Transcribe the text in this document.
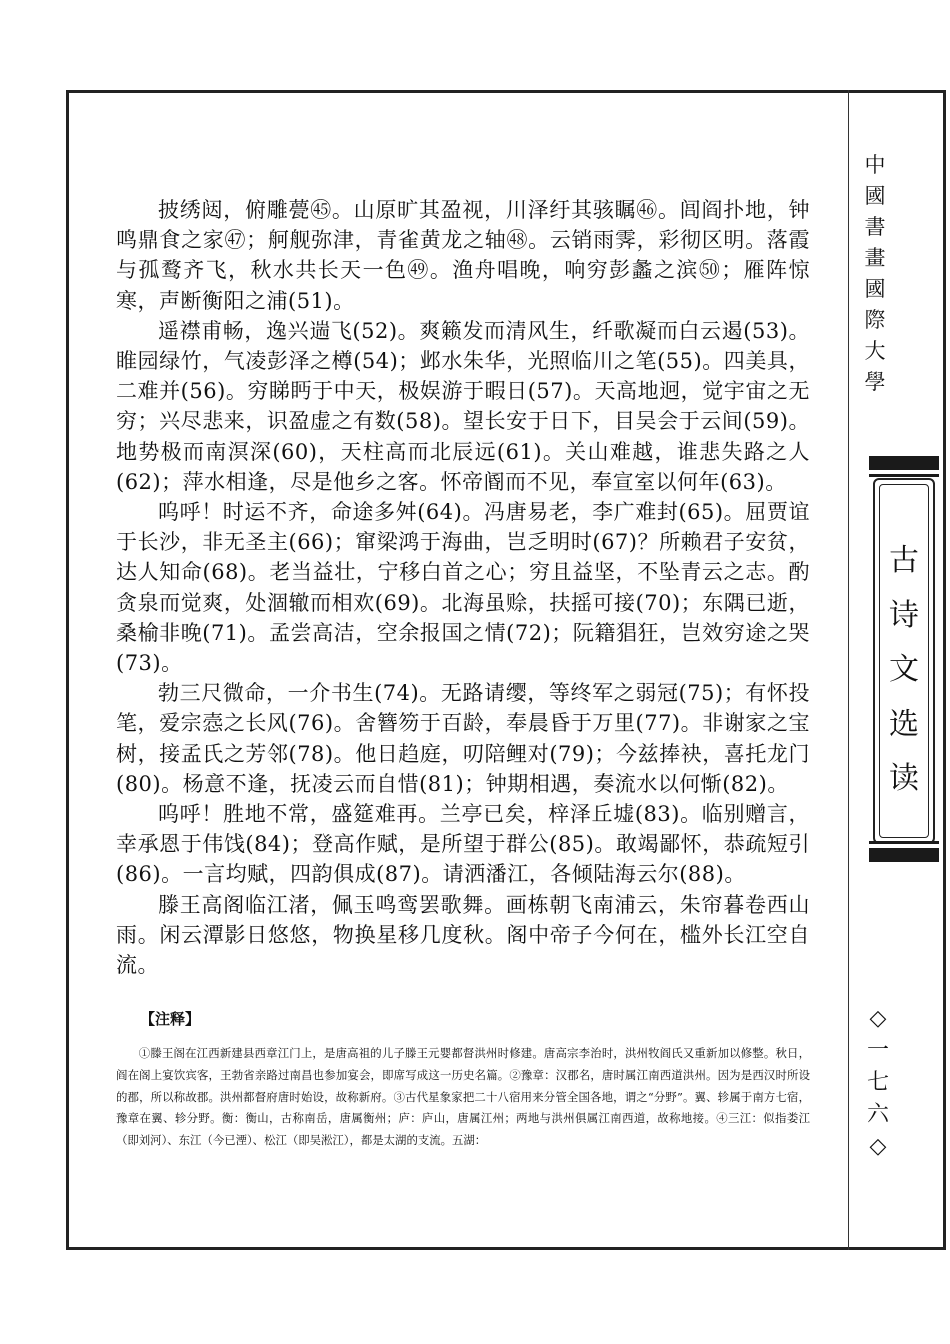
中
國
書
畫
國
際
大
學
古
诗
文
选
读
◇
一
七
六
◇

披绣闼，俯雕甍㊺。山原旷其盈视，川泽纡其骇瞩㊻。闾阎扑地，钟鸣鼎食之家㊼；舸舰弥津，青雀黄龙之轴㊽。云销雨霁，彩彻区明。落霞与孤鹜齐飞，秋水共长天一色㊾。渔舟唱晚，响穷彭蠡之滨㊿；雁阵惊寒，声断衡阳之浦(51)。

遥襟甫畅，逸兴遄飞(52)。爽籁发而清风生，纤歌凝而白云遏(53)。睢园绿竹，气凌彭泽之樽(54)；邺水朱华，光照临川之笔(55)。四美具，二难并(56)。穷睇眄于中天，极娱游于暇日(57)。天高地迥，觉宇宙之无穷；兴尽悲来，识盈虚之有数(58)。望长安于日下，目吴会于云间(59)。地势极而南溟深(60)，天柱高而北辰远(61)。关山难越，谁悲失路之人(62)；萍水相逢，尽是他乡之客。怀帝阍而不见，奉宣室以何年(63)。

呜呼！时运不齐，命途多舛(64)。冯唐易老，李广难封(65)。屈贾谊于长沙，非无圣主(66)；窜梁鸿于海曲，岂乏明时(67)？所赖君子安贫，达人知命(68)。老当益壮，宁移白首之心；穷且益坚，不坠青云之志。酌贪泉而觉爽，处涸辙而相欢(69)。北海虽赊，扶摇可接(70)；东隅已逝，桑榆非晚(71)。孟尝高洁，空余报国之情(72)；阮籍猖狂，岂效穷途之哭(73)。

勃三尺微命，一介书生(74)。无路请缨，等终军之弱冠(75)；有怀投笔，爱宗悫之长风(76)。舍簪笏于百龄，奉晨昏于万里(77)。非谢家之宝树，接孟氏之芳邻(78)。他日趋庭，叨陪鲤对(79)；今兹捧袂，喜托龙门(80)。杨意不逢，抚凌云而自惜(81)；钟期相遇，奏流水以何惭(82)。

呜呼！胜地不常，盛筵难再。兰亭已矣，梓泽丘墟(83)。临别赠言，幸承恩于伟饯(84)；登高作赋，是所望于群公(85)。敢竭鄙怀，恭疏短引(86)。一言均赋，四韵俱成(87)。请洒潘江，各倾陆海云尔(88)。

滕王高阁临江渚，佩玉鸣鸾罢歌舞。画栋朝飞南浦云，朱帘暮卷西山雨。闲云潭影日悠悠，物换星移几度秋。阁中帝子今何在，槛外长江空自流。

【注释】
①滕王阁在江西新建县西章江门上，是唐高祖的儿子滕王元婴都督洪州时修建。唐高宗李治时，洪州牧阎氏又重新加以修整。秋日，阎在阁上宴饮宾客，王勃省亲路过南昌也参加宴会，即席写成这一历史名篇。②豫章：汉郡名，唐时属江南西道洪州。因为是西汉时所设的郡，所以称故郡。洪州都督府唐时始设，故称新府。③古代星象家把二十八宿用来分管全国各地，谓之“分野”。翼、轸属于南方七宿，豫章在翼、轸分野。衡：衡山，古称南岳，唐属衡州；庐：庐山，唐属江州；两地与洪州俱属江南西道，故称地接。④三江：似指娄江（即刘河）、东江（今已湮）、松江（即吴淞江），都是太湖的支流。五湖：
